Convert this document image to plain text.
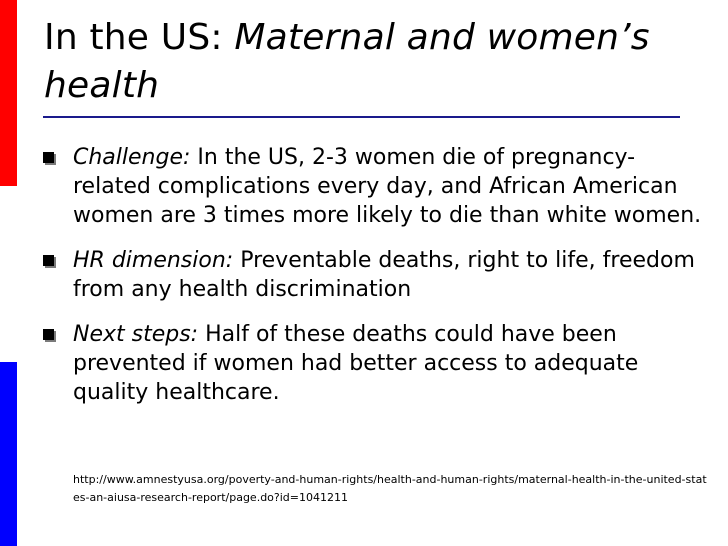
In the US: Maternal and women’s health
Challenge: In the US, 2-3 women die of pregnancy-related complications every day, and African American women are 3 times more likely to die than white women.
HR dimension: Preventable deaths, right to life, freedom from any health discrimination
Next steps: Half of these deaths could have been prevented if women had better access to adequate quality healthcare.
http://www.amnestyusa.org/poverty-and-human-rights/health-and-human-rights/maternal-health-in-the-united-states-an-aiusa-research-report/page.do?id=1041211
